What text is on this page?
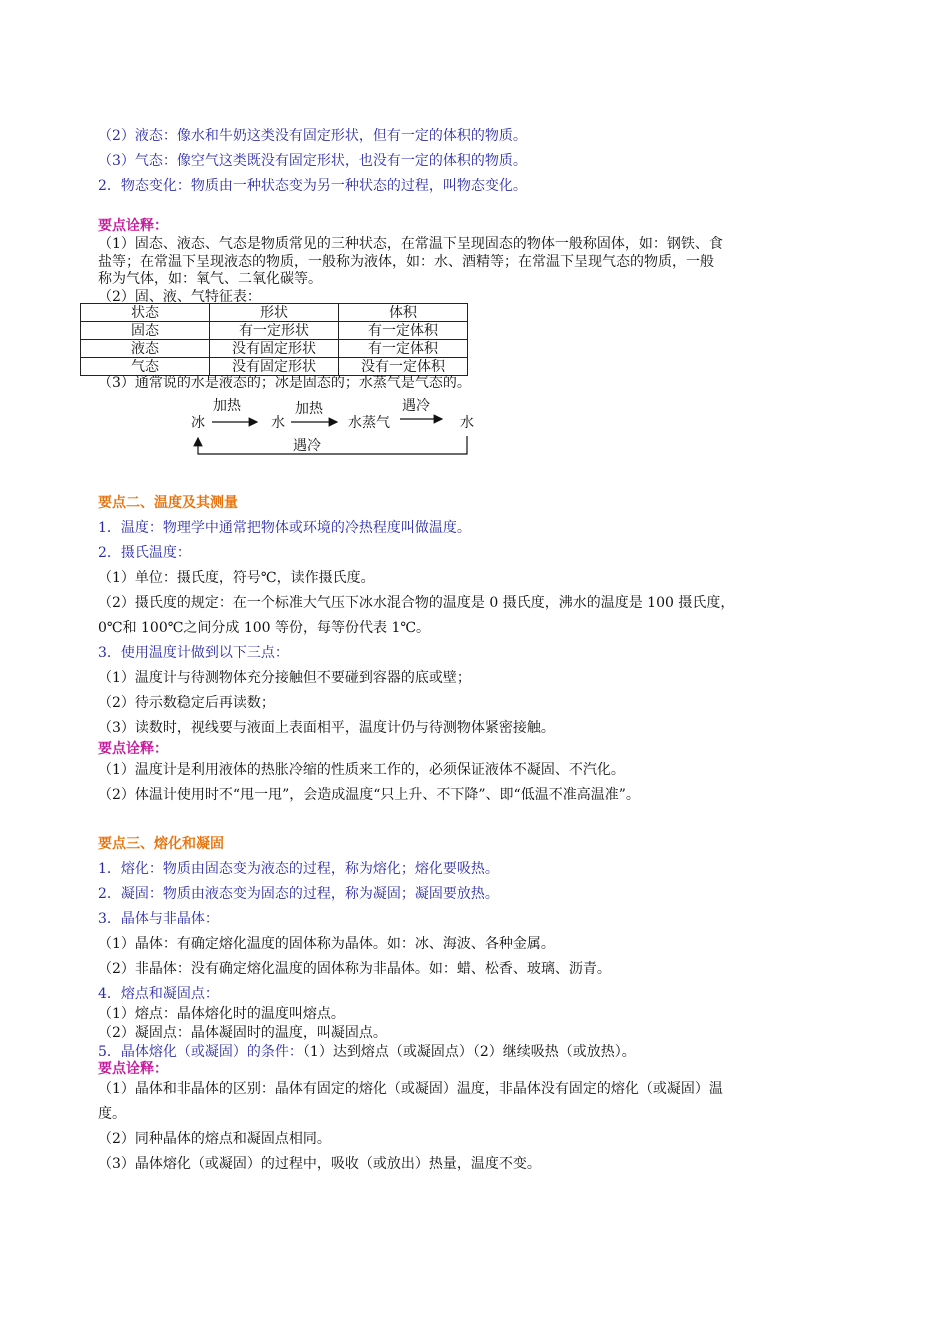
（2）液态：像水和牛奶这类没有固定形状，但有一定的体积的物质。
（3）气态：像空气这类既没有固定形状，也没有一定的体积的物质。
2．物态变化：物质由一种状态变为另一种状态的过程，叫物态变化。
要点诠释：
（1）固态、液态、气态是物质常见的三种状态，在常温下呈现固态的物体一般称固体，如：钢铁、食
盐等；在常温下呈现液态的物质，一般称为液体，如：水、酒精等；在常温下呈现气态的物质，一般
称为气体，如：氧气、二氧化碳等。
（2）固、液、气特征表：
状态	形状	体积
固态	有一定形状	有一定体积
液态	没有固定形状	有一定体积
气态	没有固定形状	没有一定体积
（3）通常说的水是液态的；冰是固态的；水蒸气是气态的。
冰
加热
水
加热
水蒸气
遇冷
水
遇冷
要点二、温度及其测量
1．温度：物理学中通常把物体或环境的冷热程度叫做温度。
2．摄氏温度：
（1）单位：摄氏度，符号℃，读作摄氏度。
（2）摄氏度的规定：在一个标准大气压下冰水混合物的温度是 0 摄氏度，沸水的温度是 100 摄氏度，
0℃和 100℃之间分成 100 等份，每等份代表 1℃。
3．使用温度计做到以下三点：
（1）温度计与待测物体充分接触但不要碰到容器的底或壁；
（2）待示数稳定后再读数；
（3）读数时，视线要与液面上表面相平，温度计仍与待测物体紧密接触。
要点诠释：
（1）温度计是利用液体的热胀冷缩的性质来工作的，必须保证液体不凝固、不汽化。
（2）体温计使用时不“甩一甩”，会造成温度“只上升、不下降”、即“低温不准高温准”。
要点三、熔化和凝固
1．熔化：物质由固态变为液态的过程，称为熔化；熔化要吸热。
2．凝固：物质由液态变为固态的过程，称为凝固；凝固要放热。
3．晶体与非晶体：
（1）晶体：有确定熔化温度的固体称为晶体。如：冰、海波、各种金属。
（2）非晶体：没有确定熔化温度的固体称为非晶体。如：蜡、松香、玻璃、沥青。
4．熔点和凝固点：
（1）熔点：晶体熔化时的温度叫熔点。
（2）凝固点：晶体凝固时的温度，叫凝固点。
5．晶体熔化（或凝固）的条件：（1）达到熔点（或凝固点）（2）继续吸热（或放热）。
要点诠释：
（1）晶体和非晶体的区别：晶体有固定的熔化（或凝固）温度，非晶体没有固定的熔化（或凝固）温
度。
（2）同种晶体的熔点和凝固点相同。
（3）晶体熔化（或凝固）的过程中，吸收（或放出）热量，温度不变。
